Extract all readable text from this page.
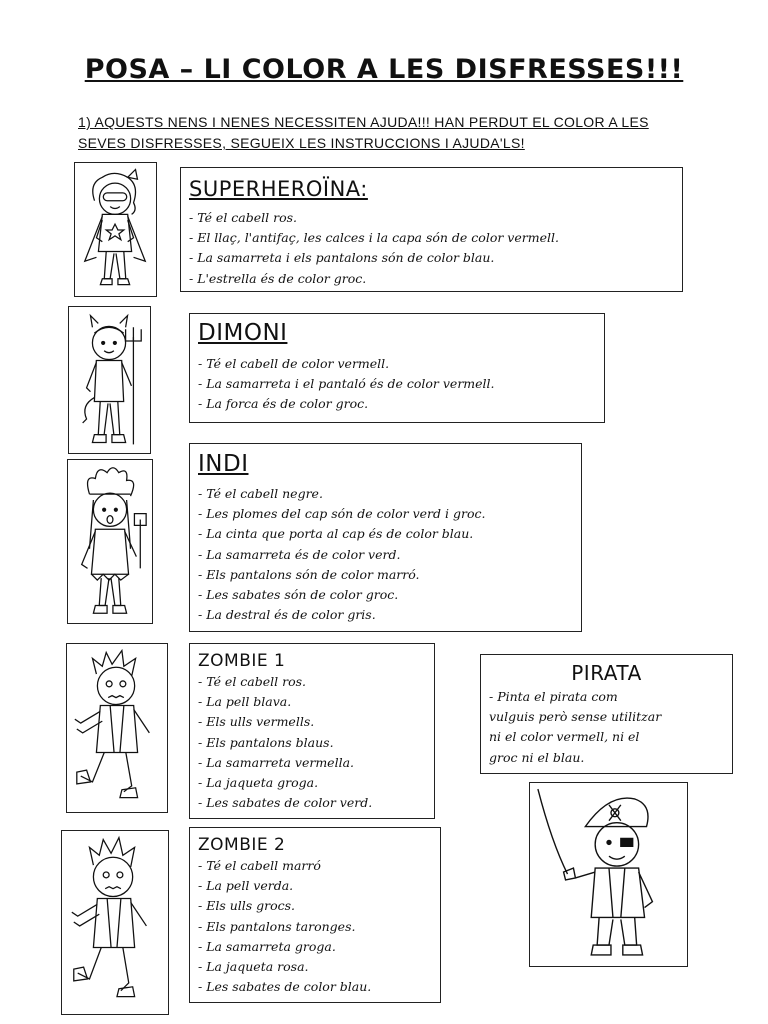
POSA – LI COLOR A LES DISFRESSES!!!
1) AQUESTS NENS I NENES NECESSITEN AJUDA!!! HAN PERDUT EL COLOR A LES SEVES DISFRESSES, SEGUEIX LES INSTRUCCIONS I AJUDA'LS!
SUPERHEROÏNA:
- Té el cabell ros.
- El llaç, l'antifaç, les calces i la capa són de color vermell.
- La samarreta i els pantalons són de color blau.
- L'estrella és de color groc.
DIMONI
- Té el cabell de color vermell.
- La samarreta i el pantaló és de color vermell.
- La forca és de color groc.
INDI
- Té el cabell negre.
- Les plomes del cap són de color verd i groc.
- La cinta que porta al cap és de color blau.
- La samarreta és de color verd.
- Els pantalons són de color marró.
- Les sabates són de color groc.
- La destral és de color gris.
ZOMBIE 1
- Té el cabell ros.
- La pell blava.
- Els ulls vermells.
- Els pantalons blaus.
- La samarreta vermella.
- La jaqueta groga.
- Les sabates de color verd.
PIRATA
- Pinta el pirata com
vulguis però sense utilitzar
ni el color vermell, ni el
groc ni el blau.
ZOMBIE 2
- Té el cabell marró
- La pell verda.
- Els ulls grocs.
- Els pantalons taronges.
- La samarreta groga.
- La jaqueta rosa.
- Les sabates de color blau.
